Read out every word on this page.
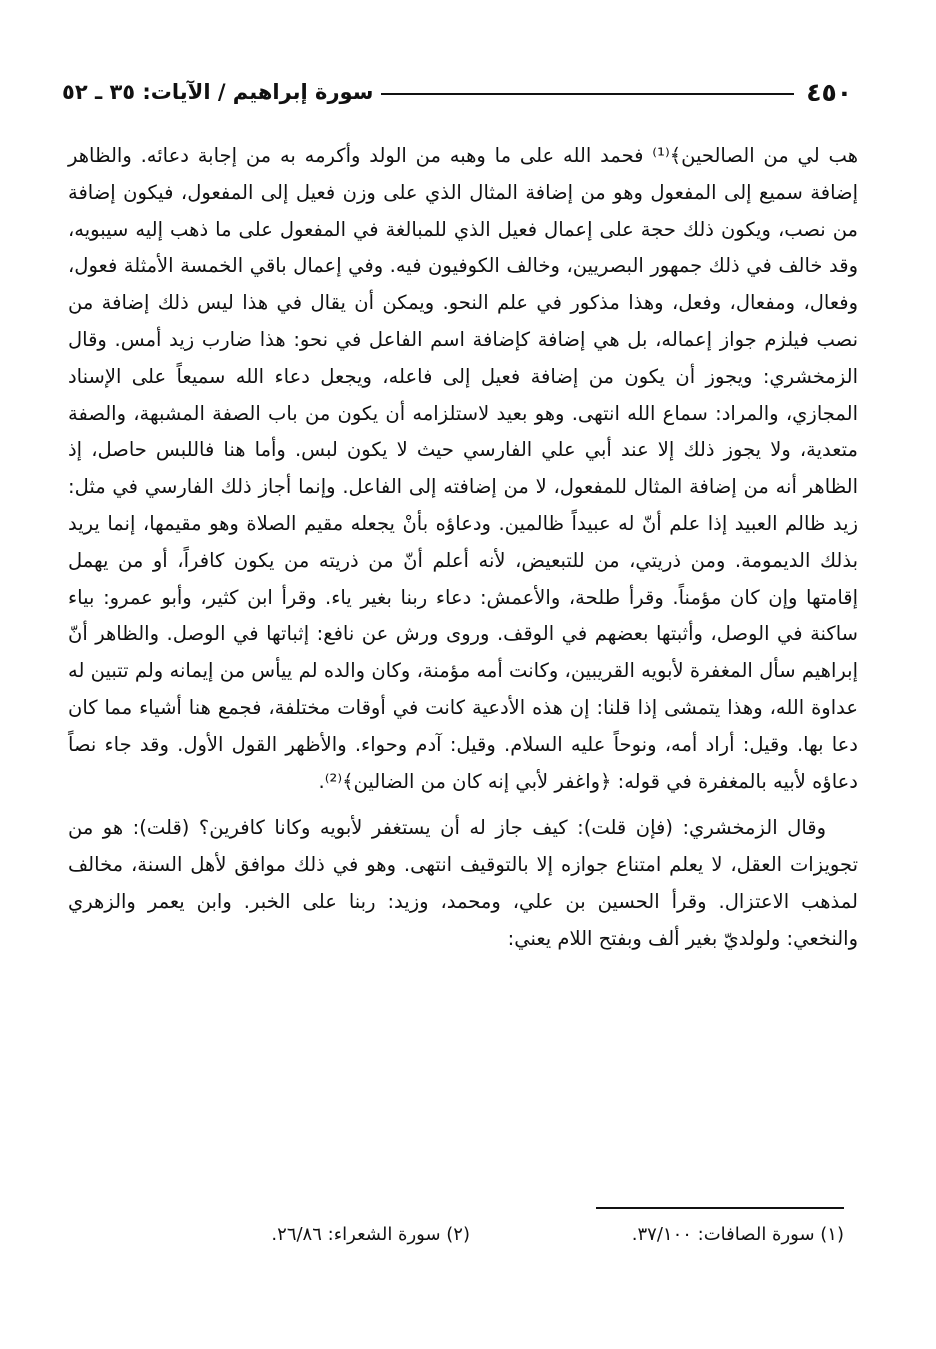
٤٥٠
سورة إبراهيم / الآيات: ٣٥ ـ ٥٢

هب لي من الصالحين﴾⁽¹⁾ فحمد الله على ما وهبه من الولد وأكرمه به من إجابة دعائه. والظاهر إضافة سميع إلى المفعول وهو من إضافة المثال الذي على وزن فعيل إلى المفعول، فيكون إضافة من نصب، ويكون ذلك حجة على إعمال فعيل الذي للمبالغة في المفعول على ما ذهب إليه سيبويه، وقد خالف في ذلك جمهور البصريين، وخالف الكوفيون فيه. وفي إعمال باقي الخمسة الأمثلة فعول، وفعال، ومفعال، وفعل، وهذا مذكور في علم النحو. ويمكن أن يقال في هذا ليس ذلك إضافة من نصب فيلزم جواز إعماله، بل هي إضافة كإضافة اسم الفاعل في نحو: هذا ضارب زيد أمس. وقال الزمخشري: ويجوز أن يكون من إضافة فعيل إلى فاعله، ويجعل دعاء الله سميعاً على الإسناد المجازي، والمراد: سماع الله انتهى. وهو بعيد لاستلزامه أن يكون من باب الصفة المشبهة، والصفة متعدية، ولا يجوز ذلك إلا عند أبي علي الفارسي حيث لا يكون لبس. وأما هنا فاللبس حاصل، إذ الظاهر أنه من إضافة المثال للمفعول، لا من إضافته إلى الفاعل. وإنما أجاز ذلك الفارسي في مثل: زيد ظالم العبيد إذا علم أنّ له عبيداً ظالمين. ودعاؤه بأنْ يجعله مقيم الصلاة وهو مقيمها، إنما يريد بذلك الديمومة. ومن ذريتي، من للتبعيض، لأنه أعلم أنّ من ذريته من يكون كافراً، أو من يهمل إقامتها وإن كان مؤمناً. وقرأ طلحة، والأعمش: دعاء ربنا بغير ياء. وقرأ ابن كثير، وأبو عمرو: بياء ساكنة في الوصل، وأثبتها بعضهم في الوقف. وروى ورش عن نافع: إثباتها في الوصل. والظاهر أنّ إبراهيم سأل المغفرة لأبويه القريبين، وكانت أمه مؤمنة، وكان والده لم ييأس من إيمانه ولم تتبين له عداوة الله، وهذا يتمشى إذا قلنا: إن هذه الأدعية كانت في أوقات مختلفة، فجمع هنا أشياء مما كان دعا بها. وقيل: أراد أمه، ونوحاً عليه السلام. وقيل: آدم وحواء. والأظهر القول الأول. وقد جاء نصاً دعاؤه لأبيه بالمغفرة في قوله: ﴿واغفر لأبي إنه كان من الضالين﴾⁽²⁾.

وقال الزمخشري: (فإن قلت): كيف جاز له أن يستغفر لأبويه وكانا كافرين؟ (قلت): هو من تجويزات العقل، لا يعلم امتناع جوازه إلا بالتوقيف انتهى. وهو في ذلك موافق لأهل السنة، مخالف لمذهب الاعتزال. وقرأ الحسين بن علي، ومحمد، وزيد: ربنا على الخبر. وابن يعمر والزهري والنخعي: ولولديّ بغير ألف وبفتح اللام يعني:

(١) سورة الصافات: ٣٧/١٠٠.
(٢) سورة الشعراء: ٢٦/٨٦.
